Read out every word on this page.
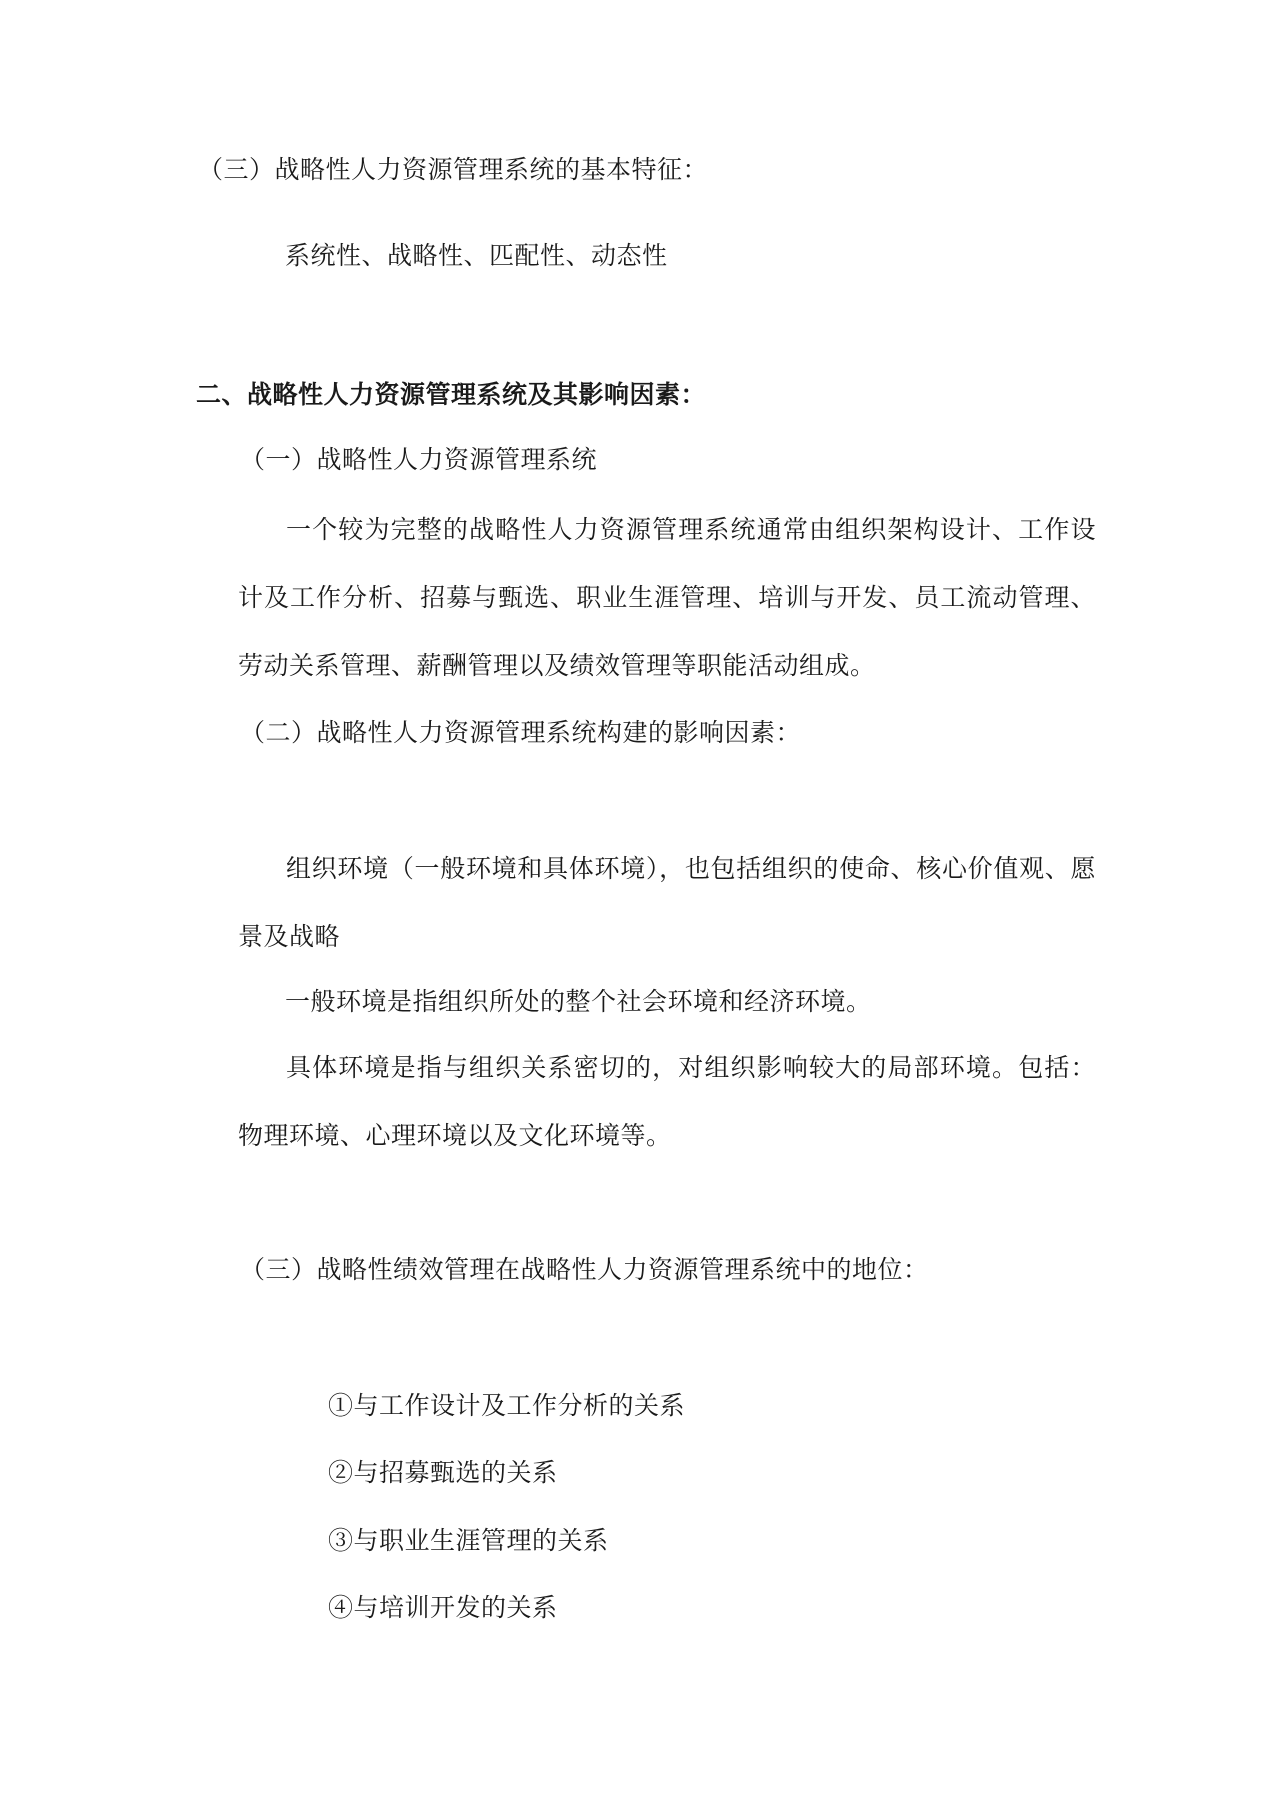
（三）战略性人力资源管理系统的基本特征：
系统性、战略性、匹配性、动态性
二、战略性人力资源管理系统及其影响因素：
（一）战略性人力资源管理系统
一个较为完整的战略性人力资源管理系统通常由组织架构设计、工作设计及工作分析、招募与甄选、职业生涯管理、培训与开发、员工流动管理、劳动关系管理、薪酬管理以及绩效管理等职能活动组成。
（二）战略性人力资源管理系统构建的影响因素：
组织环境（一般环境和具体环境），也包括组织的使命、核心价值观、愿景及战略
一般环境是指组织所处的整个社会环境和经济环境。
具体环境是指与组织关系密切的，对组织影响较大的局部环境。包括：物理环境、心理环境以及文化环境等。
（三）战略性绩效管理在战略性人力资源管理系统中的地位：
①与工作设计及工作分析的关系
②与招募甄选的关系
③与职业生涯管理的关系
④与培训开发的关系
